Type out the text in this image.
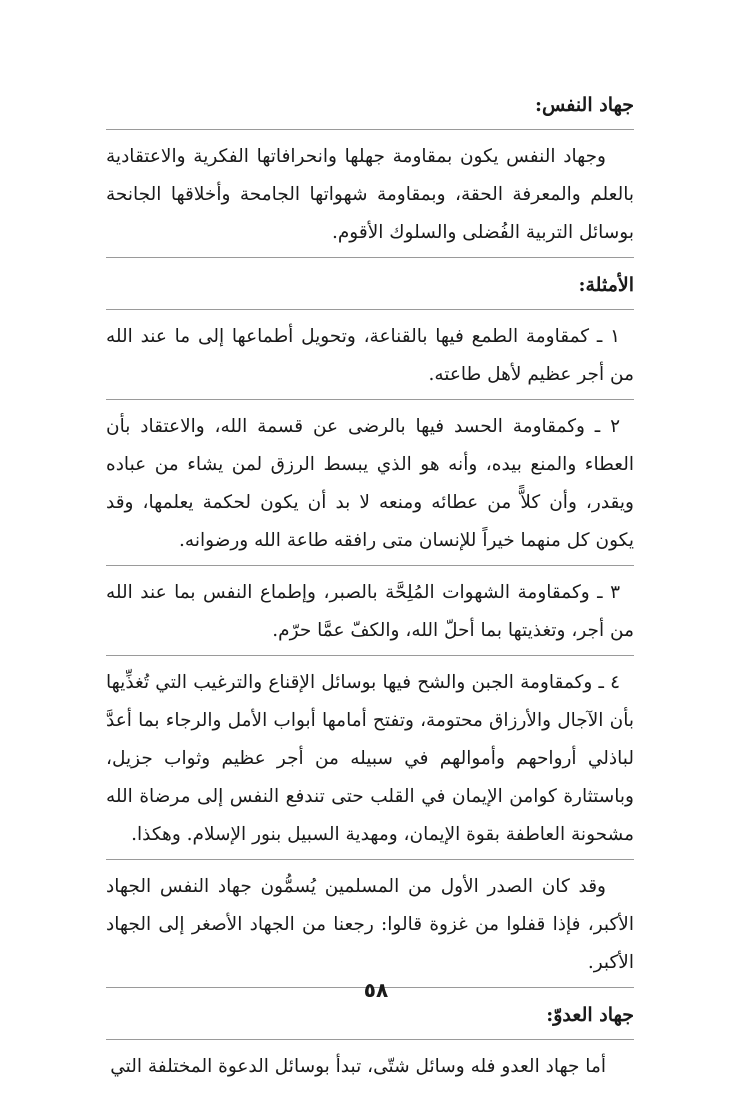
جهاد النفس:

وجهاد النفس يكون بمقاومة جهلها وانحرافاتها الفكرية والاعتقادية بالعلم والمعرفة الحقة، وبمقاومة شهواتها الجامحة وأخلاقها الجانحة بوسائل التربية الفُضلى والسلوك الأقوم.

الأمثلة:

١ ـ كمقاومة الطمع فيها بالقناعة، وتحويل أطماعها إلى ما عند الله من أجر عظيم لأهل طاعته.

٢ ـ وكمقاومة الحسد فيها بالرضى عن قسمة الله، والاعتقاد بأن العطاء والمنع بيده، وأنه هو الذي يبسط الرزق لمن يشاء من عباده ويقدر، وأن كلاًّ من عطائه ومنعه لا بد أن يكون لحكمة يعلمها، وقد يكون كل منهما خيراً للإنسان متى رافقه طاعة الله ورضوانه.

٣ ـ وكمقاومة الشهوات المُلِحَّة بالصبر، وإطماع النفس بما عند الله من أجر، وتغذيتها بما أحلّ الله، والكفّ عمَّا حرّم.

٤ ـ وكمقاومة الجبن والشح فيها بوسائل الإقناع والترغيب التي تُغذِّيها بأن الآجال والأرزاق محتومة، وتفتح أمامها أبواب الأمل والرجاء بما أعدَّ لباذلي أرواحهم وأموالهم في سبيله من أجر عظيم وثواب جزيل، وباستثارة كوامن الإيمان في القلب حتى تندفع النفس إلى مرضاة الله مشحونة العاطفة بقوة الإيمان، ومهدية السبيل بنور الإسلام. وهكذا.

وقد كان الصدر الأول من المسلمين يُسمُّون جهاد النفس الجهاد الأكبر، فإذا قفلوا من غزوة قالوا: رجعنا من الجهاد الأصغر إلى الجهاد الأكبر.

جهاد العدوّ:

أما جهاد العدو فله وسائل شتّى، تبدأ بوسائل الدعوة المختلفة التي

٥٨
